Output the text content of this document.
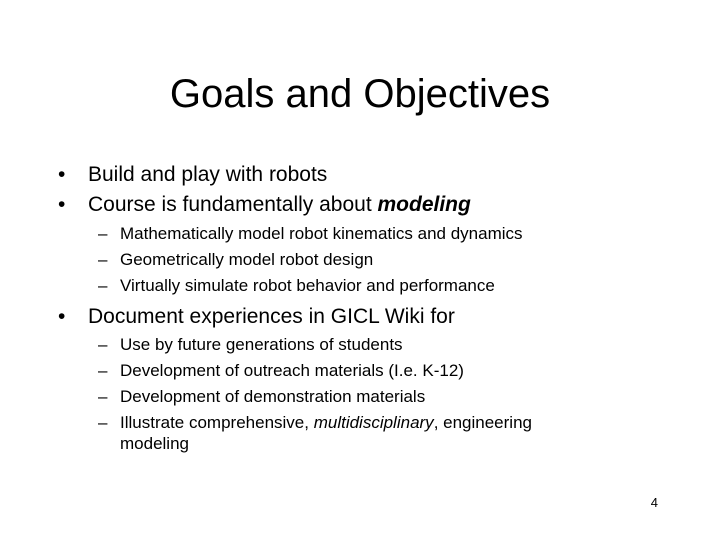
Goals and Objectives
• Build and play with robots
• Course is fundamentally about modeling
– Mathematically model robot kinematics and dynamics
– Geometrically model robot design
– Virtually simulate robot behavior and performance
• Document experiences in GICL Wiki for
– Use by future generations of students
– Development of outreach materials (I.e. K-12)
– Development of demonstration materials
– Illustrate comprehensive, multidisciplinary, engineering
modeling
4
